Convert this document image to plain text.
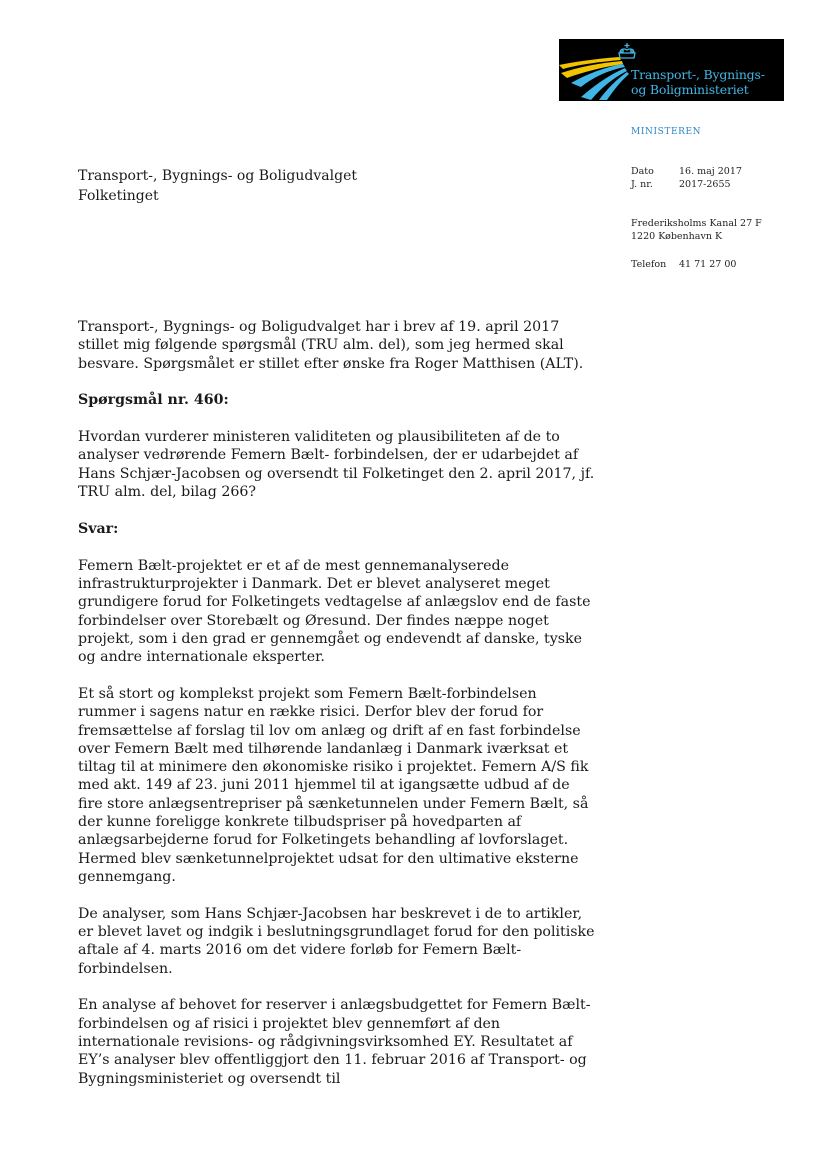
Transport-, Bygnings-
og Boligministeriet
MINISTEREN
Dato	16. maj 2017
J. nr.	2017-2655
Frederiksholms Kanal 27 F
1220 København K
Telefon 41 71 27 00
Transport-, Bygnings- og Boligudvalget
Folketinget

Transport-, Bygnings- og Boligudvalget har i brev af 19. april 2017 stillet mig følgende spørgsmål (TRU alm. del), som jeg hermed skal besvare. Spørgsmålet er stillet efter ønske fra Roger Matthisen (ALT).

Spørgsmål nr. 460:

Hvordan vurderer ministeren validiteten og plausibiliteten af de to analyser vedrørende Femern Bælt- forbindelsen, der er udarbejdet af Hans Schjær-Jacobsen og oversendt til Folketinget den 2. april 2017, jf. TRU alm. del, bilag 266?

Svar:

Femern Bælt-projektet er et af de mest gennemanalyserede infrastrukturprojekter i Danmark. Det er blevet analyseret meget grundigere forud for Folketingets vedtagelse af anlægslov end de faste forbindelser over Storebælt og Øresund. Der findes næppe noget projekt, som i den grad er gennemgået og endevendt af danske, tyske og andre internationale eksperter.

Et så stort og komplekst projekt som Femern Bælt-forbindelsen rummer i sagens natur en række risici. Derfor blev der forud for fremsættelse af forslag til lov om anlæg og drift af en fast forbindelse over Femern Bælt med tilhørende landanlæg i Danmark iværksat et tiltag til at minimere den økonomiske risiko i projektet. Femern A/S fik med akt. 149 af 23. juni 2011 hjemmel til at igangsætte udbud af de fire store anlægsentrepriser på sænketunnelen under Femern Bælt, så der kunne foreligge konkrete tilbudspriser på hovedparten af anlægsarbejderne forud for Folketingets behandling af lovforslaget. Hermed blev sænketunnelprojektet udsat for den ultimative eksterne gennemgang.

De analyser, som Hans Schjær-Jacobsen har beskrevet i de to artikler, er blevet lavet og indgik i beslutningsgrundlaget forud for den politiske aftale af 4. marts 2016 om det videre forløb for Femern Bælt-forbindelsen.

En analyse af behovet for reserver i anlægsbudgettet for Femern Bælt-forbindelsen og af risici i projektet blev gennemført af den internationale revisions- og rådgivningsvirksomhed EY. Resultatet af EY’s analyser blev offentliggjort den 11. februar 2016 af Transport- og Bygningsministeriet og oversendt til
